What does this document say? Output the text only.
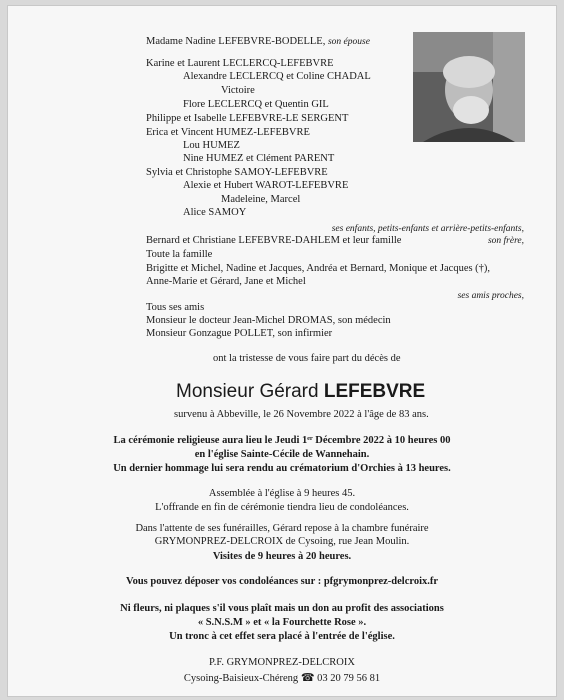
Madame Nadine LEFEBVRE-BODELLE, son épouse
Karine et Laurent LECLERCQ-LEFEBVRE
Alexandre LECLERCQ et Coline CHADAL
Victoire
Flore LECLERCQ et Quentin GIL
Philippe et Isabelle LEFEBVRE-LE SERGENT
Erica et Vincent HUMEZ-LEFEBVRE
Lou HUMEZ
Nine HUMEZ et Clément PARENT
Sylvia et Christophe SAMOY-LEFEBVRE
Alexie et Hubert WAROT-LEFEBVRE
Madeleine, Marcel
Alice SAMOY
ses enfants, petits-enfants et arrière-petits-enfants,
Bernard et Christiane LEFEBVRE-DAHLEM et leur famille	son frère,
Toute la famille
Brigitte et Michel, Nadine et Jacques, Andréa et Bernard, Monique et Jacques (†),
Anne-Marie et Gérard, Jane et Michel
ses amis proches,
Tous ses amis
Monsieur le docteur Jean-Michel DROMAS, son médecin
Monsieur Gonzague POLLET, son infirmier
ont la tristesse de vous faire part du décès de
Monsieur Gérard LEFEBVRE
survenu à Abbeville, le 26 Novembre 2022 à l'âge de 83 ans.
La cérémonie religieuse aura lieu le Jeudi 1ᵉʳ Décembre 2022 à 10 heures 00
en l'église Sainte-Cécile de Wannehain.
Un dernier hommage lui sera rendu au crématorium d'Orchies à 13 heures.
Assemblée à l'église à 9 heures 45.
L'offrande en fin de cérémonie tiendra lieu de condoléances.
Dans l'attente de ses funérailles, Gérard repose à la chambre funéraire
GRYMONPREZ-DELCROIX de Cysoing, rue Jean Moulin.
Visites de 9 heures à 20 heures.
Vous pouvez déposer vos condoléances sur : pfgrymonprez-delcroix.fr
Ni fleurs, ni plaques s'il vous plaît mais un don au profit des associations
« S.N.S.M » et « la Fourchette Rose ».
Un tronc à cet effet sera placé à l'entrée de l'église.
P.F. GRYMONPREZ-DELCROIX
Cysoing-Baisieux-Chéreng ☎ 03 20 79 56 81
